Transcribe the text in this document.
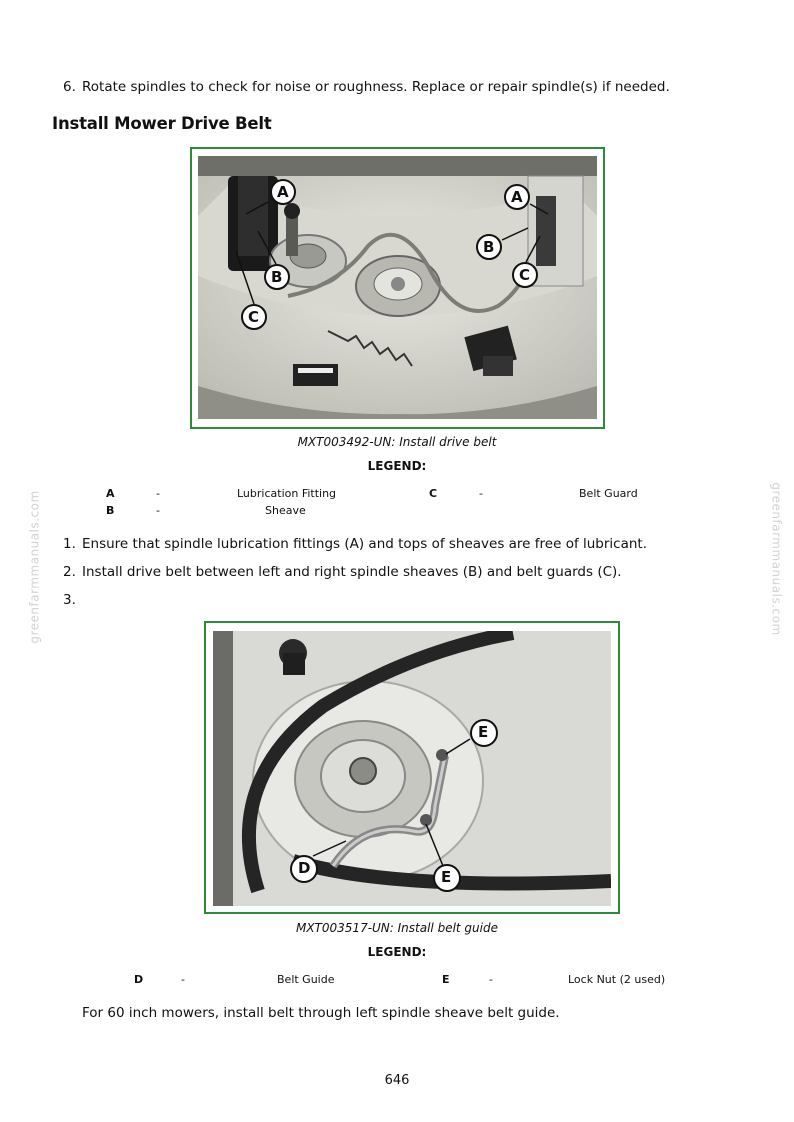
6. Rotate spindles to check for noise or roughness. Replace or repair spindle(s) if needed.
Install Mower Drive Belt
A
B
C
A
B
C
MXT003492-UN: Install drive belt
LEGEND:
A	-	Lubrication Fitting	C	-	Belt Guard
B	-	Sheave
1. Ensure that spindle lubrication fittings (A) and tops of sheaves are free of lubricant.
2. Install drive belt between left and right spindle sheaves (B) and belt guards (C).
3.
E
D	E
MXT003517-UN: Install belt guide
LEGEND:
D	-	Belt Guide	E	-	Lock Nut (2 used)
For 60 inch mowers, install belt through left spindle sheave belt guide.
greenfarmmanuals.com	greenfarmmanuals.com
646
